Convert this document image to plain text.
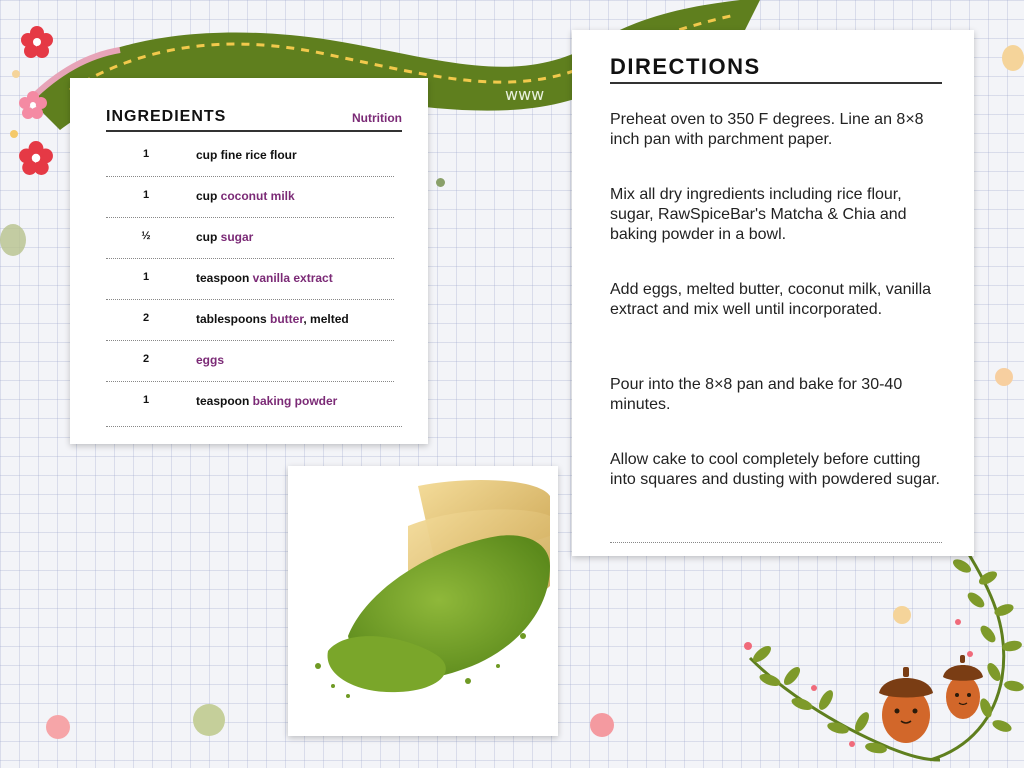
www
INGREDIENTS	Nutrition
1	cup fine rice flour
1	cup coconut milk
½	cup sugar
1	teaspoon vanilla extract
2	tablespoons butter, melted
2	eggs
1	teaspoon baking powder
DIRECTIONS

Preheat oven to 350 F degrees. Line an 8×8 inch pan with parchment paper.

Mix all dry ingredients including rice flour, sugar, RawSpiceBar's Matcha & Chia and baking powder in a bowl.

Add eggs, melted butter, coconut milk, vanilla extract and mix well until incorporated.

Pour into the 8×8 pan and bake for 30-40 minutes.

Allow cake to cool completely before cutting into squares and dusting with powdered sugar.
